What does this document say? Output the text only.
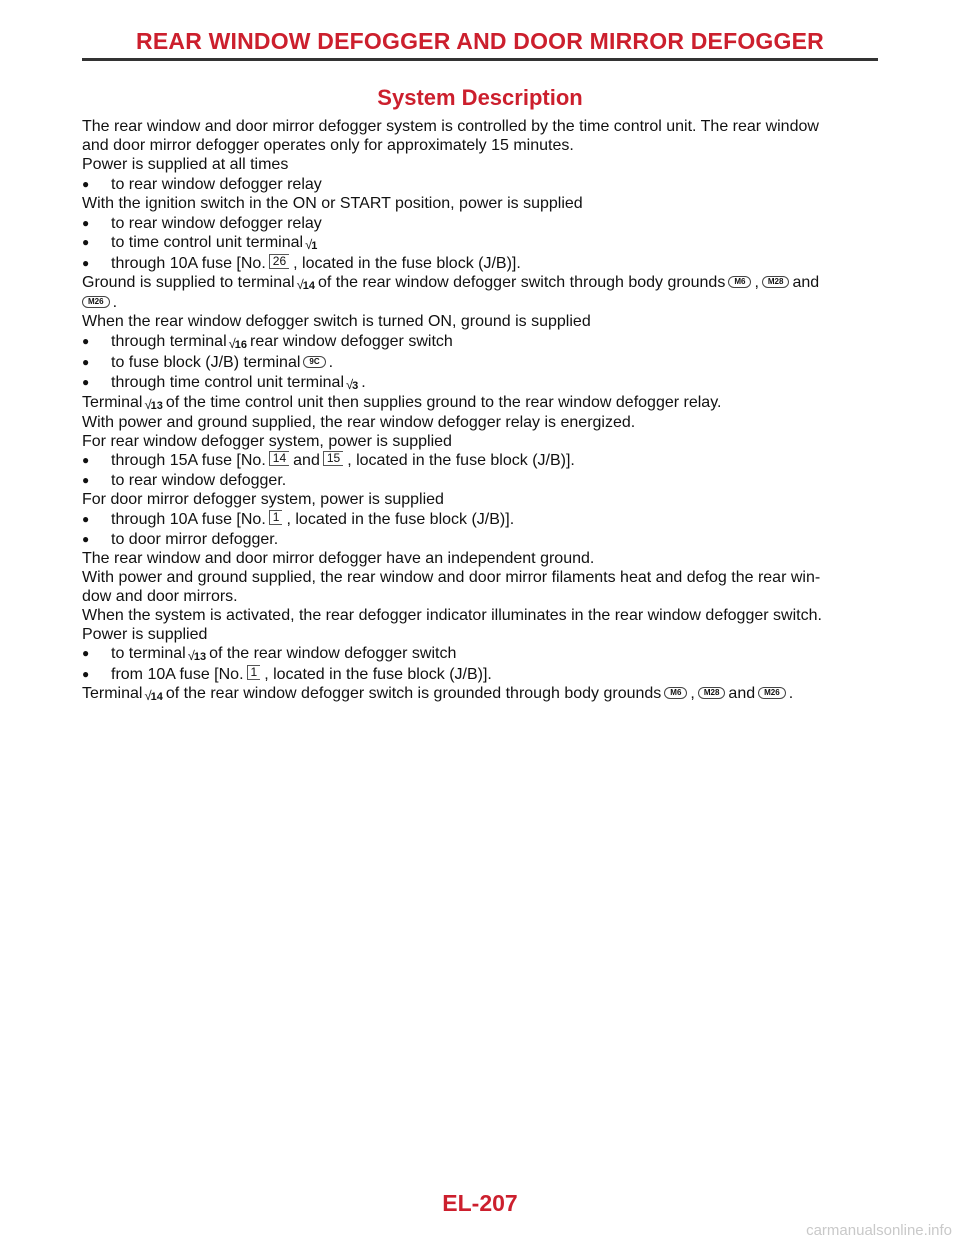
REAR WINDOW DEFOGGER AND DOOR MIRROR DEFOGGER
System Description
The rear window and door mirror defogger system is controlled by the time control unit. The rear window
and door mirror defogger operates only for approximately 15 minutes.
Power is supplied at all times
● to rear window defogger relay
With the ignition switch in the ON or START position, power is supplied
● to rear window defogger relay
● to time control unit terminal √ 1
● through 10A fuse [No. 26 , located in the fuse block (J/B)].
Ground is supplied to terminal √ 14 of the rear window defogger switch through body grounds M6 , M28 and
M26 .
When the rear window defogger switch is turned ON, ground is supplied
● through terminal √ 16 rear window defogger switch
● to fuse block (J/B) terminal 9C .
● through time control unit terminal √ 3 .
Terminal √ 13 of the time control unit then supplies ground to the rear window defogger relay.
With power and ground supplied, the rear window defogger relay is energized.
For rear window defogger system, power is supplied
● through 15A fuse [No. 14 and 15 , located in the fuse block (J/B)].
● to rear window defogger.
For door mirror defogger system, power is supplied
● through 10A fuse [No. 1 , located in the fuse block (J/B)].
● to door mirror defogger.
The rear window and door mirror defogger have an independent ground.
With power and ground supplied, the rear window and door mirror filaments heat and defog the rear win-
dow and door mirrors.
When the system is activated, the rear defogger indicator illuminates in the rear window defogger switch.
Power is supplied
● to terminal √ 13 of the rear window defogger switch
● from 10A fuse [No. 1 , located in the fuse block (J/B)].
Terminal √ 14 of the rear window defogger switch is grounded through body grounds M6 , M28 and M26 .
EL-207
carmanualsonline.info
